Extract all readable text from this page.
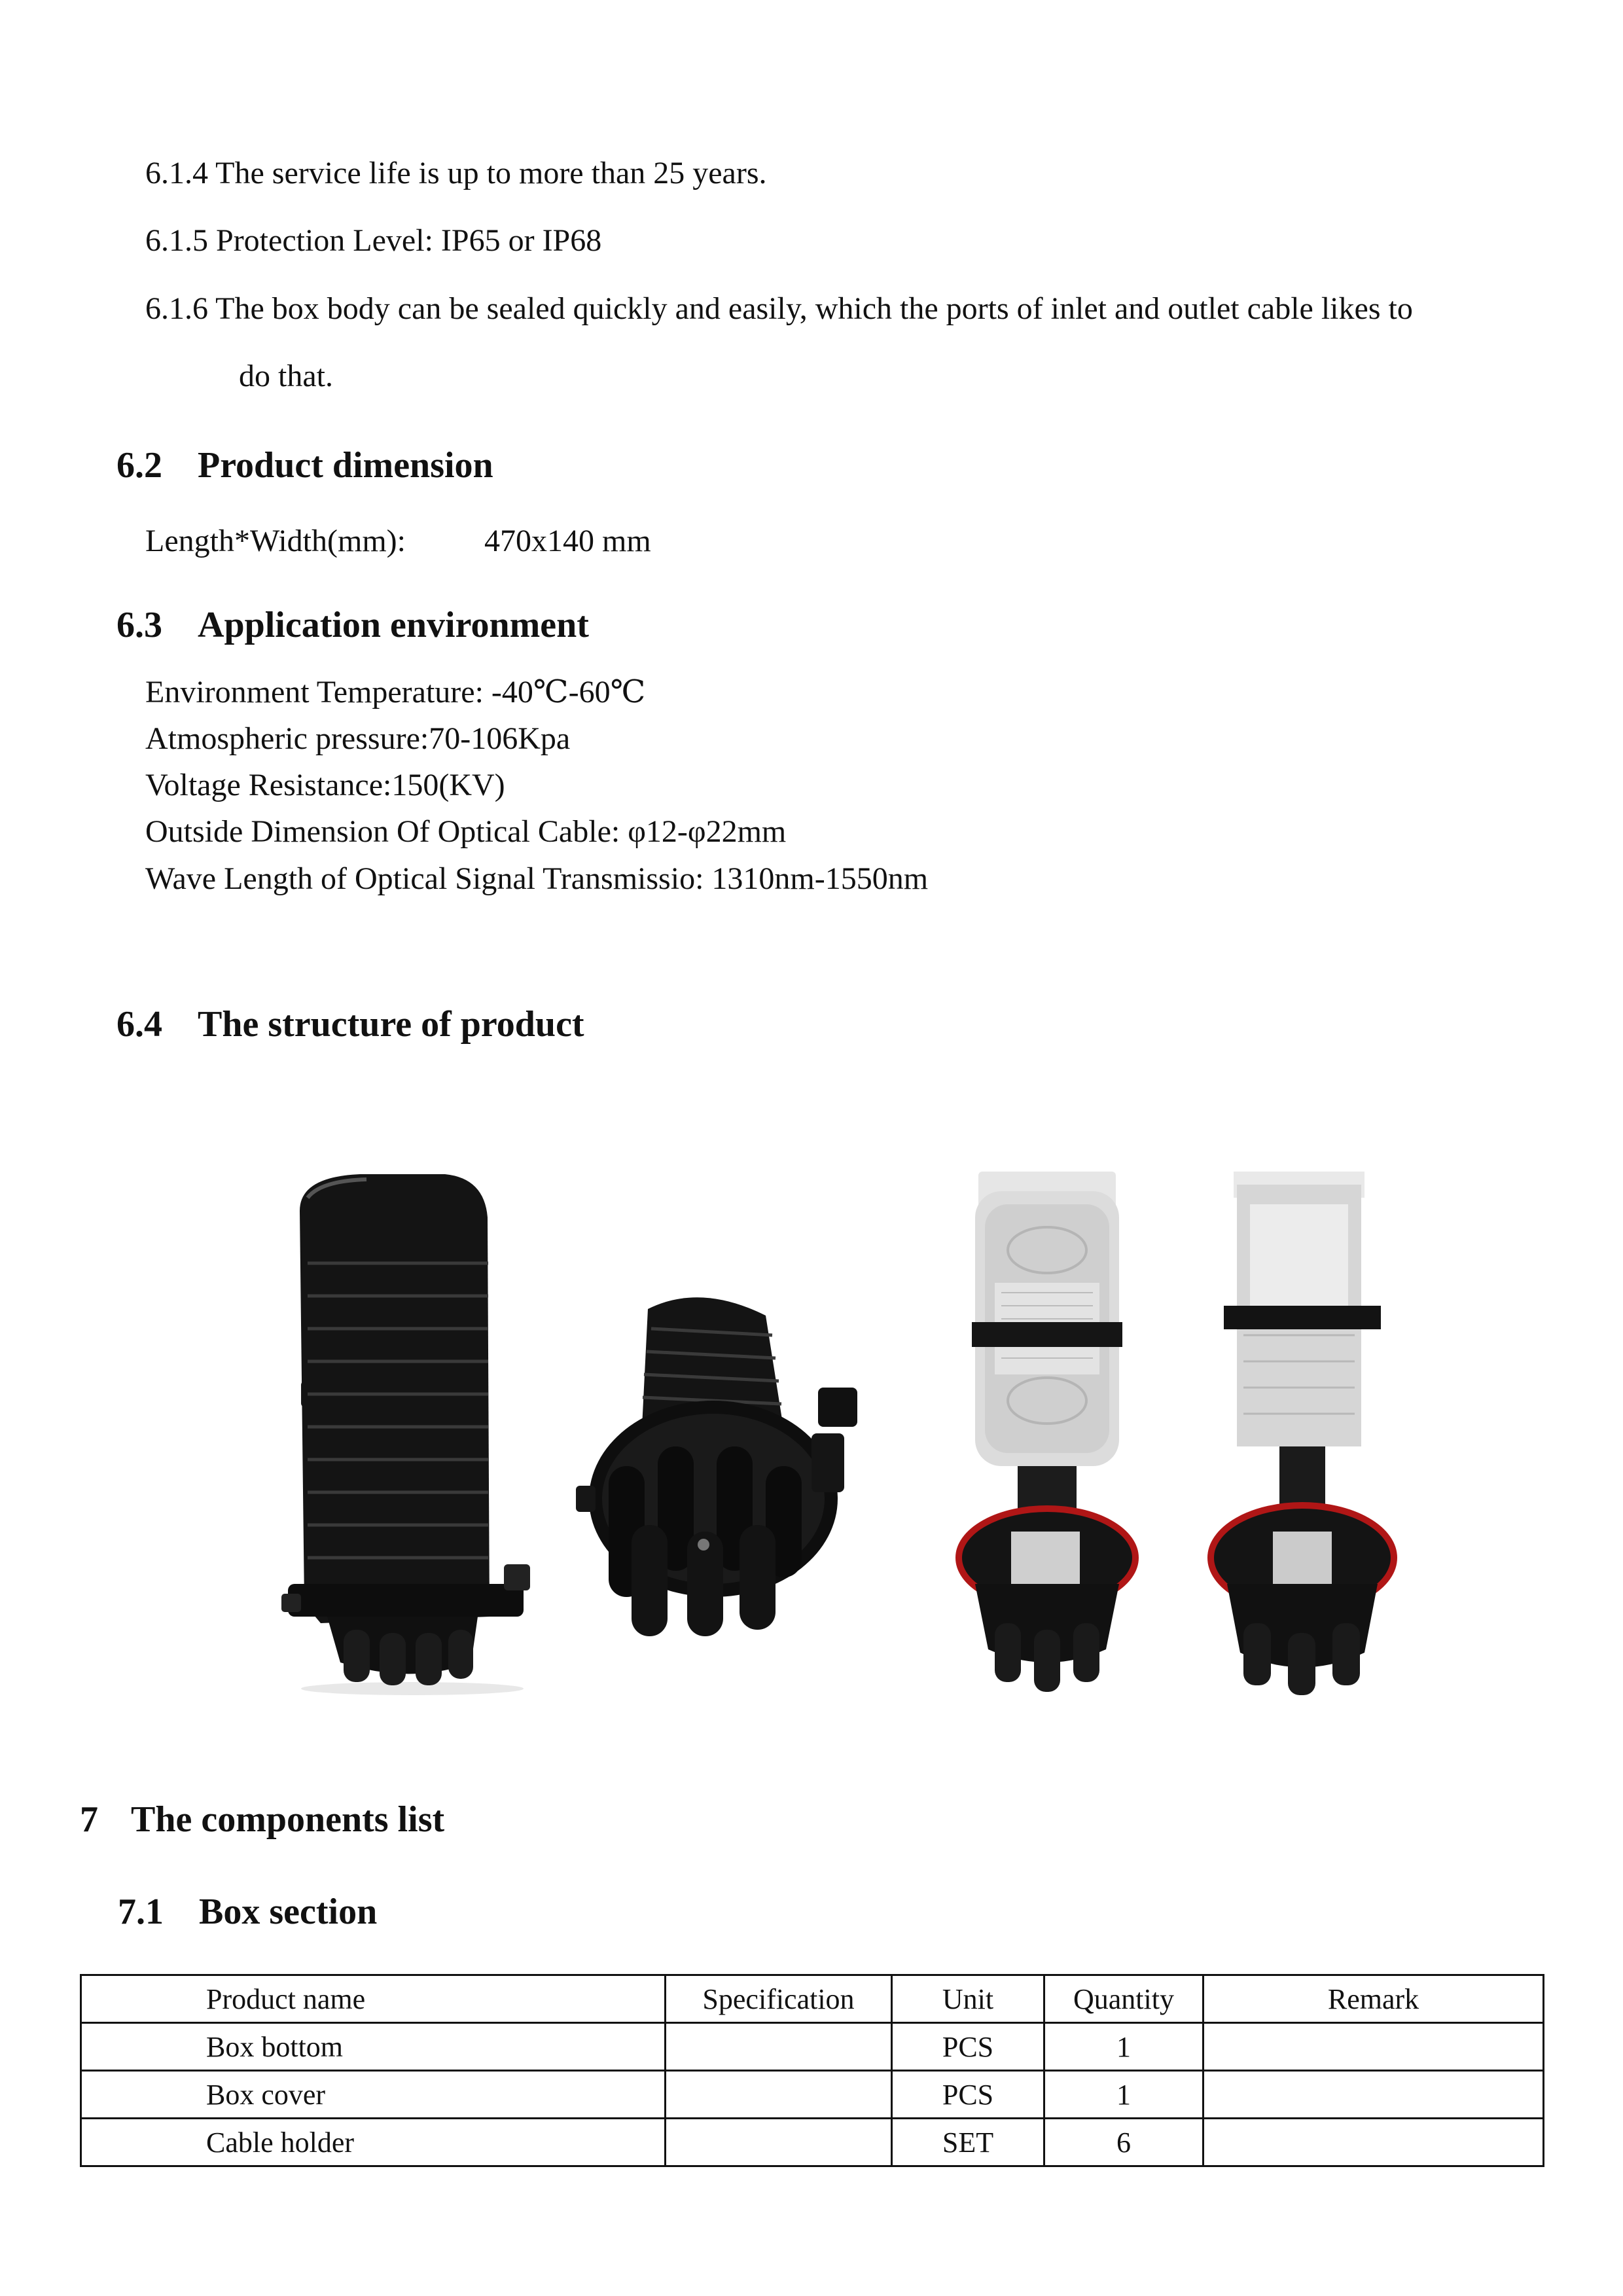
6.1.4 The service life is up to more than 25 years.
6.1.5 Protection Level: IP65 or IP68
6.1.6 The box body can be sealed quickly and easily, which the ports of inlet and outlet cable likes to
do that.
6.2 Product dimension
Length*Width(mm):	470x140 mm
6.3 Application environment
Environment Temperature: -40℃-60℃
Atmospheric pressure:70-106Kpa
Voltage Resistance:150(KV)
Outside Dimension Of Optical Cable: φ12-φ22mm
Wave Length of Optical Signal Transmissio: 1310nm-1550nm
6.4 The structure of product
7 The components list
7.1 Box section
Product name	Specification	Unit	Quantity	Remark
Box bottom		PCS	1	
Box cover		PCS	1	
Cable holder		SET	6	
